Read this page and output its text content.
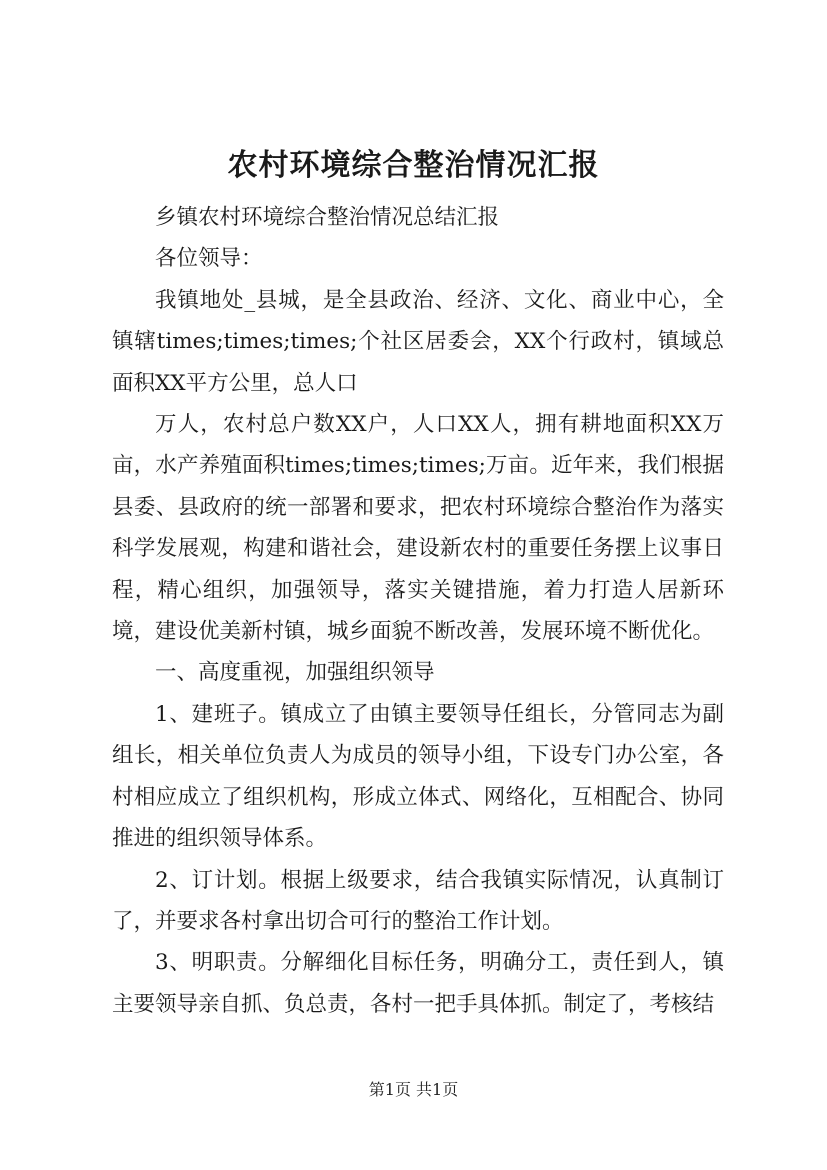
农村环境综合整治情况汇报

乡镇农村环境综合整治情况总结汇报

各位领导：

我镇地处_县城，是全县政治、经济、文化、商业中心，全镇辖times;times;times;个社区居委会，XX个行政村，镇域总面积XX平方公里，总人口

万人，农村总户数XX户，人口XX人，拥有耕地面积XX万亩，水产养殖面积times;times;times;万亩。近年来，我们根据县委、县政府的统一部署和要求，把农村环境综合整治作为落实科学发展观，构建和谐社会，建设新农村的重要任务摆上议事日程，精心组织，加强领导，落实关键措施，着力打造人居新环境，建设优美新村镇，城乡面貌不断改善，发展环境不断优化。

一、高度重视，加强组织领导

1、建班子。镇成立了由镇主要领导任组长，分管同志为副组长，相关单位负责人为成员的领导小组，下设专门办公室，各村相应成立了组织机构，形成立体式、网络化，互相配合、协同推进的组织领导体系。

2、订计划。根据上级要求，结合我镇实际情况，认真制订了，并要求各村拿出切合可行的整治工作计划。

3、明职责。分解细化目标任务，明确分工，责任到人，镇主要领导亲自抓、负总责，各村一把手具体抓。制定了，考核结

第1页 共1页
